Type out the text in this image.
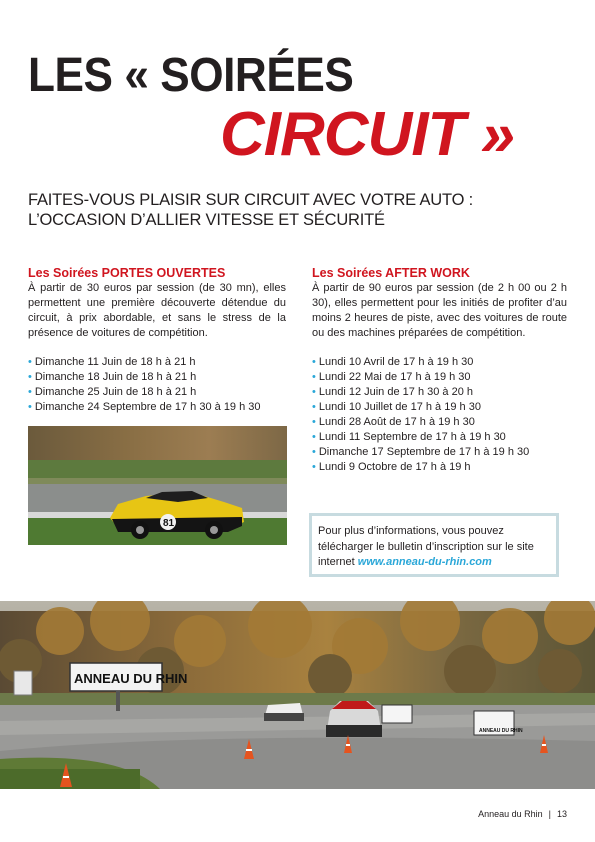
LES « SOIRÉES
CIRCUIT »
FAITES-VOUS PLAISIR SUR CIRCUIT AVEC VOTRE AUTO :
L’OCCASION D’ALLIER VITESSE ET SÉCURITÉ
Les Soirées PORTES OUVERTES
À partir de 30 euros par session (de 30 mn), elles permettent une première découverte détendue du circuit, à prix abordable, et sans le stress de la présence de voitures de compétition.
• Dimanche 11 Juin de 18 h à 21 h
• Dimanche 18 Juin de 18 h à 21 h
• Dimanche 25 Juin de 18 h à 21 h
• Dimanche 24 Septembre de 17 h 30 à 19 h 30
Les Soirées AFTER WORK
À partir de 90 euros par session (de 2 h 00 ou 2 h 30), elles permettent pour les initiés de profiter d’au moins 2 heures de piste, avec des voitures de route ou des machines préparées de compétition.
• Lundi 10 Avril de 17 h à 19 h 30
• Lundi 22 Mai de 17 h à 19 h 30
• Lundi 12 Juin de 17 h 30 à 20 h
• Lundi 10 Juillet de 17 h à 19 h 30
• Lundi 28 Août de 17 h à 19 h 30
• Lundi 11 Septembre de 17 h à 19 h 30
• Dimanche 17 Septembre de 17 h à 19 h 30
• Lundi 9 Octobre de 17 h à 19 h
81
Pour plus d’informations, vous pouvez télécharger le bulletin d’inscription sur le site internet www.anneau-du-rhin.com
ANNEAU DU RHIN
ANNEAU DU RHIN
Anneau du Rhin | 13
